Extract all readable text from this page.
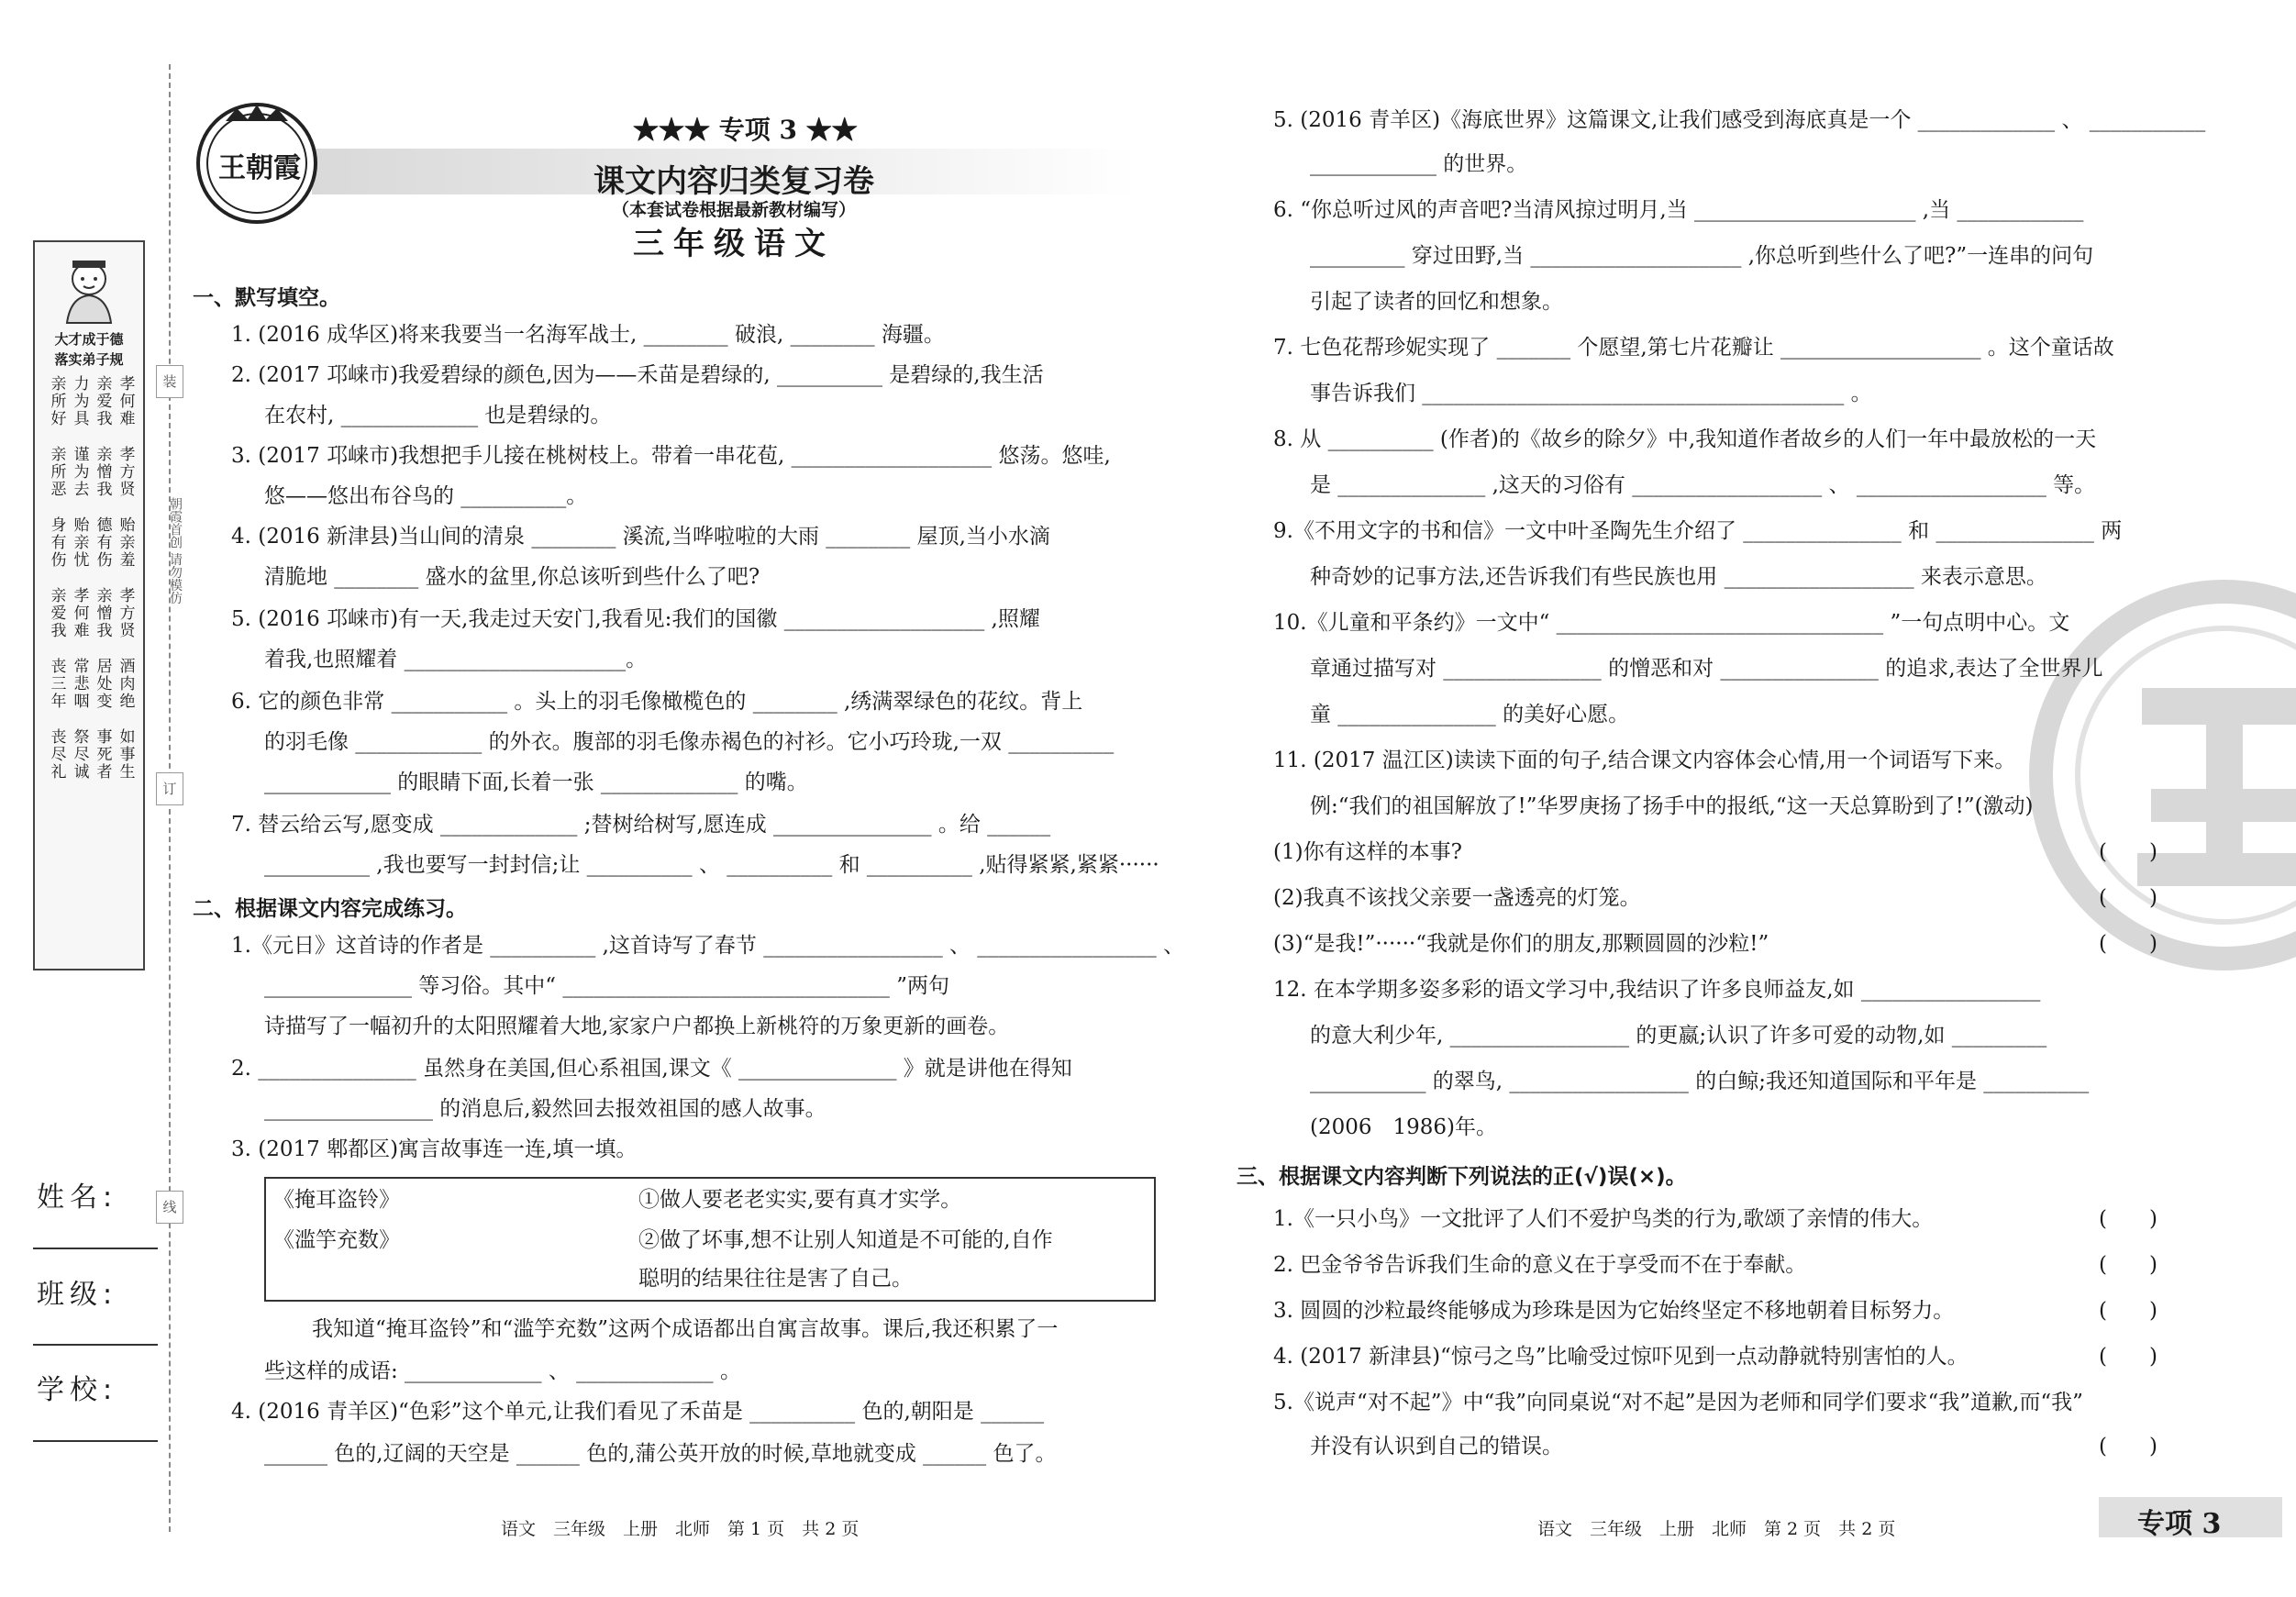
装
订
线
朝霞首创 请勿模仿
大才成于德
落实弟子规
亲所好 力为具 亲爱我 孝何难
亲所恶 谨为去 亲憎我 孝方贤
身有伤 贻亲忧 德有伤 贻亲羞
亲爱我 孝何难 亲憎我 孝方贤
丧三年 常悲咽 居处变 酒肉绝
丧尽礼 祭尽诚 事死者 如事生
姓名:
班级:
学校:
王朝霞
★★★ 专项 3 ★★
课文内容归类复习卷
（本套试卷根据最新教材编写）
三年级语文
一、默写填空。
1. (2016 成华区)将来我要当一名海军战士, ________ 破浪, ________ 海疆。
2. (2017 邛崃市)我爱碧绿的颜色,因为——禾苗是碧绿的, __________ 是碧绿的,我生活
在农村, _____________ 也是碧绿的。
3. (2017 邛崃市)我想把手儿接在桃树枝上。带着一串花苞, ___________________ 悠荡。悠哇,
悠——悠出布谷鸟的 __________。
4. (2016 新津县)当山间的清泉 ________ 溪流,当哗啦啦的大雨 ________ 屋顶,当小水滴
清脆地 ________ 盛水的盆里,你总该听到些什么了吧?
5. (2016 邛崃市)有一天,我走过天安门,我看见:我们的国徽 ___________________ ,照耀
着我,也照耀着 _____________________。
6. 它的颜色非常 ___________ 。头上的羽毛像橄榄色的 ________ ,绣满翠绿色的花纹。背上
的羽毛像 ____________ 的外衣。腹部的羽毛像赤褐色的衬衫。它小巧玲珑,一双 __________
____________ 的眼睛下面,长着一张 _____________ 的嘴。
7. 替云给云写,愿变成 _____________ ;替树给树写,愿连成 _______________ 。给 ______
__________ ,我也要写一封封信;让 __________ 、 __________ 和 __________ ,贴得紧紧,紧紧······
二、根据课文内容完成练习。
1.《元日》这首诗的作者是 __________ ,这首诗写了春节 _________________ 、 _________________ 、
______________ 等习俗。其中“ _______________________________ ”两句
诗描写了一幅初升的太阳照耀着大地,家家户户都换上新桃符的万象更新的画卷。
2. _______________ 虽然身在美国,但心系祖国,课文《 _______________ 》就是讲他在得知
________________ 的消息后,毅然回去报效祖国的感人故事。
3. (2017 郫都区)寓言故事连一连,填一填。
《掩耳盗铃》	①做人要老老实实,要有真才实学。
《滥竽充数》	②做了坏事,想不让别人知道是不可能的,自作
聪明的结果往往是害了自己。
我知道“掩耳盗铃”和“滥竽充数”这两个成语都出自寓言故事。课后,我还积累了一
些这样的成语: _____________ 、 _____________ 。
4. (2016 青羊区)“色彩”这个单元,让我们看见了禾苗是 __________ 色的,朝阳是 ______
______ 色的,辽阔的天空是 ______ 色的,蒲公英开放的时候,草地就变成 ______ 色了。
语文　三年级　上册　北师　第 1 页　共 2 页
5. (2016 青羊区)《海底世界》这篇课文,让我们感受到海底真是一个 _____________ 、 ___________
____________ 的世界。
6. “你总听过风的声音吧?当清风掠过明月,当 _____________________ ,当 ____________
_________ 穿过田野,当 ____________________ ,你总听到些什么了吧?”一连串的问句
引起了读者的回忆和想象。
7. 七色花帮珍妮实现了 _______ 个愿望,第七片花瓣让 ___________________ 。这个童话故
事告诉我们 ________________________________________ 。
8. 从 __________ (作者)的《故乡的除夕》中,我知道作者故乡的人们一年中最放松的一天
是 ______________ ,这天的习俗有 __________________ 、 __________________ 等。
9.《不用文字的书和信》一文中叶圣陶先生介绍了 _______________ 和 _______________ 两
种奇妙的记事方法,还告诉我们有些民族也用 __________________ 来表示意思。
10.《儿童和平条约》一文中“ _______________________________ ”一句点明中心。文
章通过描写对 _______________ 的憎恶和对 _______________ 的追求,表达了全世界儿
童 _______________ 的美好心愿。
11. (2017 温江区)读读下面的句子,结合课文内容体会心情,用一个词语写下来。
例:“我们的祖国解放了!”华罗庚扬了扬手中的报纸,“这一天总算盼到了!”(激动)
(1)你有这样的本事?	(　　)
(2)我真不该找父亲要一盏透亮的灯笼。	(　　)
(3)“是我!”······“我就是你们的朋友,那颗圆圆的沙粒!”	(　　)
12. 在本学期多姿多彩的语文学习中,我结识了许多良师益友,如 _________________
的意大利少年, _________________ 的更嬴;认识了许多可爱的动物,如 _________
___________ 的翠鸟, _________________ 的白鲸;我还知道国际和平年是 __________
(2006　1986)年。
三、根据课文内容判断下列说法的正(√)误(×)。
1.《一只小鸟》一文批评了人们不爱护鸟类的行为,歌颂了亲情的伟大。	(　　)
2. 巴金爷爷告诉我们生命的意义在于享受而不在于奉献。	(　　)
3. 圆圆的沙粒最终能够成为珍珠是因为它始终坚定不移地朝着目标努力。	(　　)
4. (2017 新津县)“惊弓之鸟”比喻受过惊吓见到一点动静就特别害怕的人。	(　　)
5.《说声“对不起”》中“我”向同桌说“对不起”是因为老师和同学们要求“我”道歉,而“我”
并没有认识到自己的错误。	(　　)
语文　三年级　上册　北师　第 2 页　共 2 页	专项 3
